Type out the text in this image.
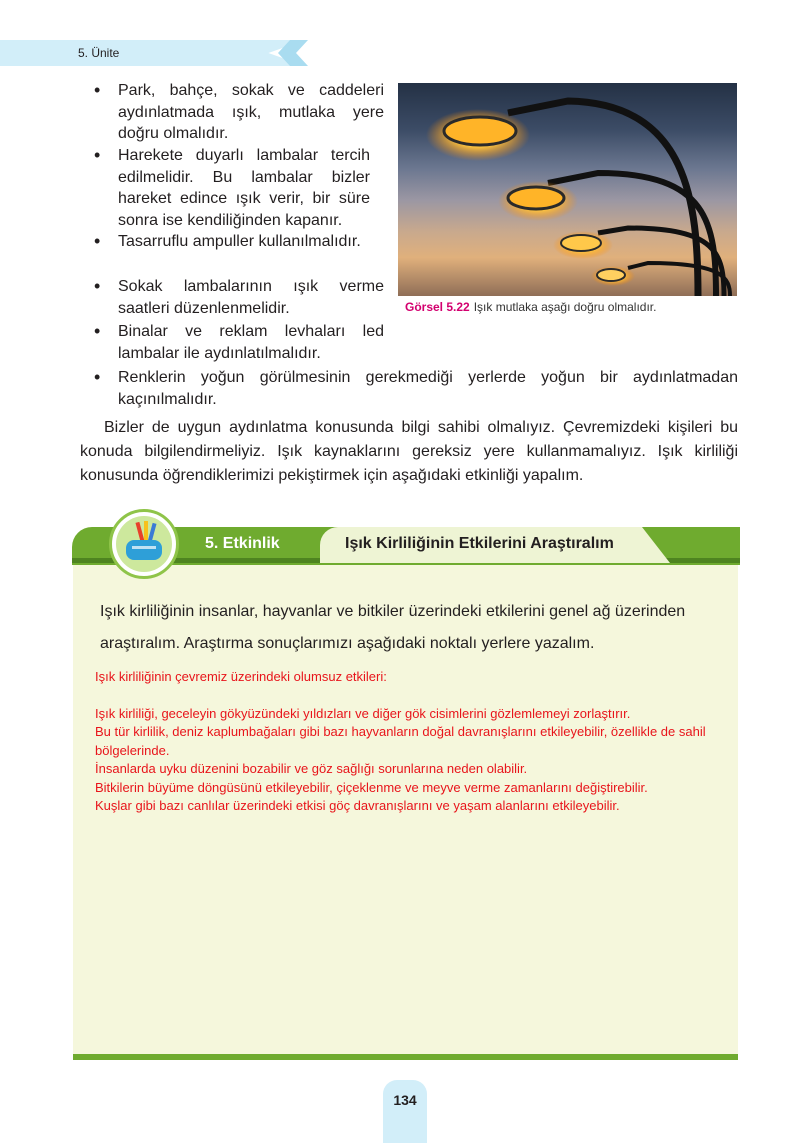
5. Ünite
• Park, bahçe, sokak ve caddeleri aydınlatmada ışık, mutlaka yere doğru olmalıdır.
• Harekete duyarlı lambalar tercih edilmelidir. Bu lambalar bizler hareket edince ışık verir, bir süre sonra ise kendiliğinden kapanır.
• Tasarruflu ampuller kullanılmalıdır.
• Sokak lambalarının ışık verme saatleri düzenlenmelidir.
• Binalar ve reklam levhaları led lambalar ile aydınlatılmalıdır.
• Renklerin yoğun görülmesinin gerekmediği yerlerde yoğun bir aydınlatmadan kaçınılmalıdır.
Görsel 5.22 Işık mutlaka aşağı doğru olmalıdır.

Bizler de uygun aydınlatma konusunda bilgi sahibi olmalıyız. Çevremizdeki kişileri bu konuda bilgilendirmeliyiz. Işık kaynaklarını gereksiz yere kullanmamalıyız. Işık kirliliği konusunda öğrendiklerimizi pekiştirmek için aşağıdaki etkinliği yapalım.

5. Etkinlik	Işık Kirliliğinin Etkilerini Araştıralım

Işık kirliliğinin insanlar, hayvanlar ve bitkiler üzerindeki etkilerini genel ağ üzerinden araştıralım. Araştırma sonuçlarımızı aşağıdaki noktalı yerlere yazalım.

Işık kirliliğinin çevremiz üzerindeki olumsuz etkileri:
Işık kirliliği, geceleyin gökyüzündeki yıldızları ve diğer gök cisimlerini gözlemlemeyi zorlaştırır.
Bu tür kirlilik, deniz kaplumbağaları gibi bazı hayvanların doğal davranışlarını etkileyebilir, özellikle de sahil bölgelerinde.
İnsanlarda uyku düzenini bozabilir ve göz sağlığı sorunlarına neden olabilir.
Bitkilerin büyüme döngüsünü etkileyebilir, çiçeklenme ve meyve verme zamanlarını değiştirebilir.
Kuşlar gibi bazı canlılar üzerindeki etkisi göç davranışlarını ve yaşam alanlarını etkileyebilir.
134
